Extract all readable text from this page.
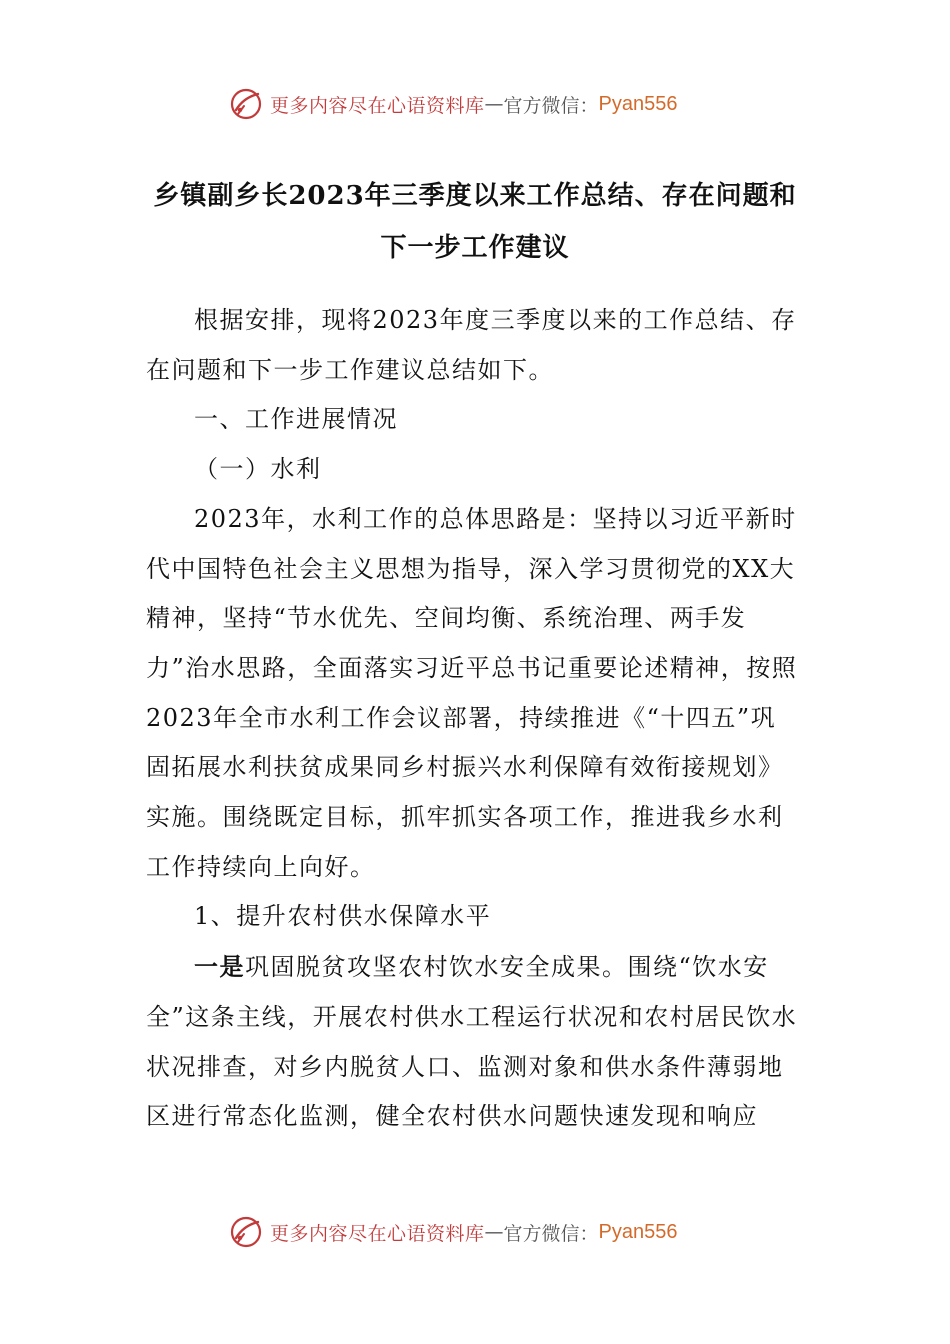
更多内容尽在心语资料库 — 官方微信： Pyan556
乡镇副乡长2023年三季度以来工作总结、存在问题和下一步工作建议

根据安排，现将2023年度三季度以来的工作总结、存在问题和下一步工作建议总结如下。

一、工作进展情况

（一）水利

2023年，水利工作的总体思路是：坚持以习近平新时代中国特色社会主义思想为指导，深入学习贯彻党的XX大精神，坚持“节水优先、空间均衡、系统治理、两手发力”治水思路，全面落实习近平总书记重要论述精神，按照2023年全市水利工作会议部署，持续推进《“十四五”巩固拓展水利扶贫成果同乡村振兴水利保障有效衔接规划》实施。围绕既定目标，抓牢抓实各项工作，推进我乡水利工作持续向上向好。

1、提升农村供水保障水平

一是巩固脱贫攻坚农村饮水安全成果。围绕“饮水安全”这条主线，开展农村供水工程运行状况和农村居民饮水状况排查，对乡内脱贫人口、监测对象和供水条件薄弱地区进行常态化监测，健全农村供水问题快速发现和响应

更多内容尽在心语资料库 — 官方微信： Pyan556
